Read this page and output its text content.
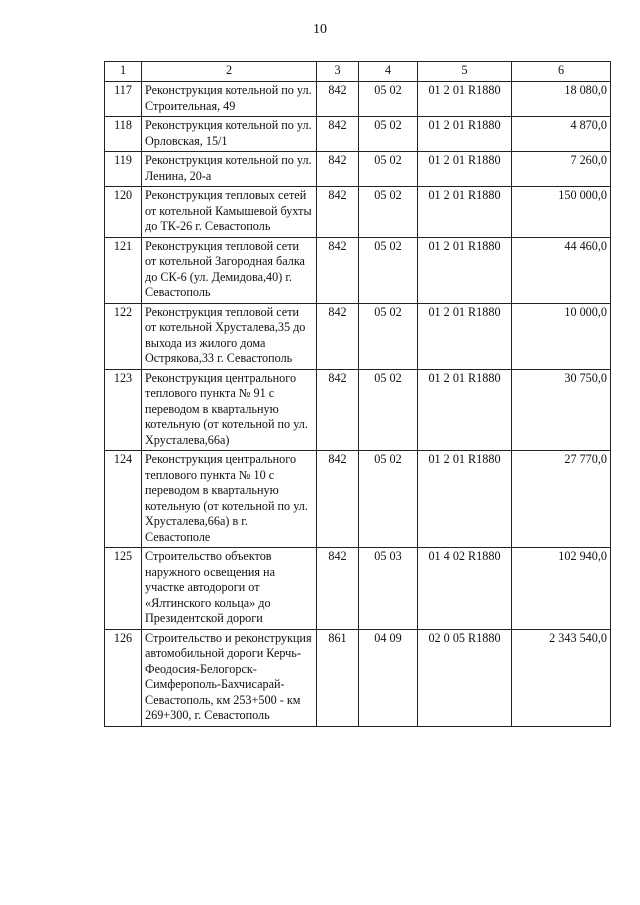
10
1	2	3	4	5	6
117	Реконструкция котельной по ул. Строительная, 49	842	05 02	01 2 01 R1880	18 080,0
118	Реконструкция котельной по ул. Орловская, 15/1	842	05 02	01 2 01 R1880	4 870,0
119	Реконструкция котельной по ул. Ленина, 20-а	842	05 02	01 2 01 R1880	7 260,0
120	Реконструкция тепловых сетей от котельной Камышевой бухты до ТК-26 г. Севастополь	842	05 02	01 2 01 R1880	150 000,0
121	Реконструкция тепловой сети от котельной Загородная балка до СК-6 (ул. Демидова,40) г. Севастополь	842	05 02	01 2 01 R1880	44 460,0
122	Реконструкция тепловой сети от котельной Хрусталева,35 до выхода из жилого дома Острякова,33 г. Севастополь	842	05 02	01 2 01 R1880	10 000,0
123	Реконструкция центрального теплового пункта № 91 с переводом в квартальную котельную (от котельной по ул. Хрусталева,66а)	842	05 02	01 2 01 R1880	30 750,0
124	Реконструкция центрального теплового пункта № 10 с переводом в квартальную котельную (от котельной по ул. Хрусталева,66а) в г. Севастополе	842	05 02	01 2 01 R1880	27 770,0
125	Строительство объектов наружного освещения на участке автодороги от «Ялтинского кольца» до Президентской дороги	842	05 03	01 4 02 R1880	102 940,0
126	Строительство и реконструкция автомобильной дороги Керчь-Феодосия-Белогорск-Симферополь-Бахчисарай-Севастополь, км 253+500 - км 269+300, г. Севастополь	861	04 09	02 0 05 R1880	2 343 540,0
